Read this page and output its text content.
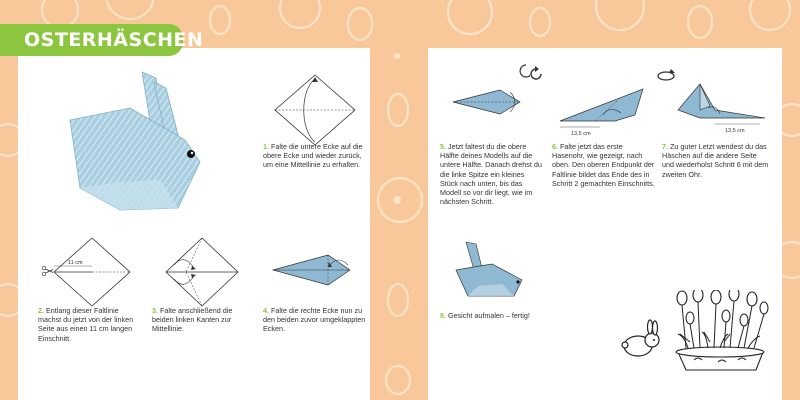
OSTERHÄSCHEN
1. Falte die untere Ecke auf die obere Ecke und wieder zurück, um eine Mittellinie zu erhalten.
11 cm
2. Entlang dieser Faltlinie machst du jetzt von der linken Seite aus einen 11 cm langen Einschnitt.
3. Falte anschließend die beiden linken Kanten zur Mittellinie.
4. Falte die rechte Ecke nun zu den beiden zuvor umgeklappten Ecken.
5. Jetzt faltest du die obere Hälfte deines Modells auf die untere Hälfte. Danach drehst du die linke Spitze ein kleines Stück nach unten, bis das Modell so vor dir liegt, wie im nächsten Schritt.
13,5 cm
6. Falte jetzt das erste Hasenohr, wie gezeigt, nach oben. Den oberen Endpunkt der Faltlinie bildet das Ende des in Schritt 2 gemachten Einschnitts.
13,5 cm
7. Zu guter Letzt wendest du das Häschen auf die andere Seite und wiederholst Schritt 6 mit dem zweiten Ohr.
8. Gesicht aufmalen – fertig!
